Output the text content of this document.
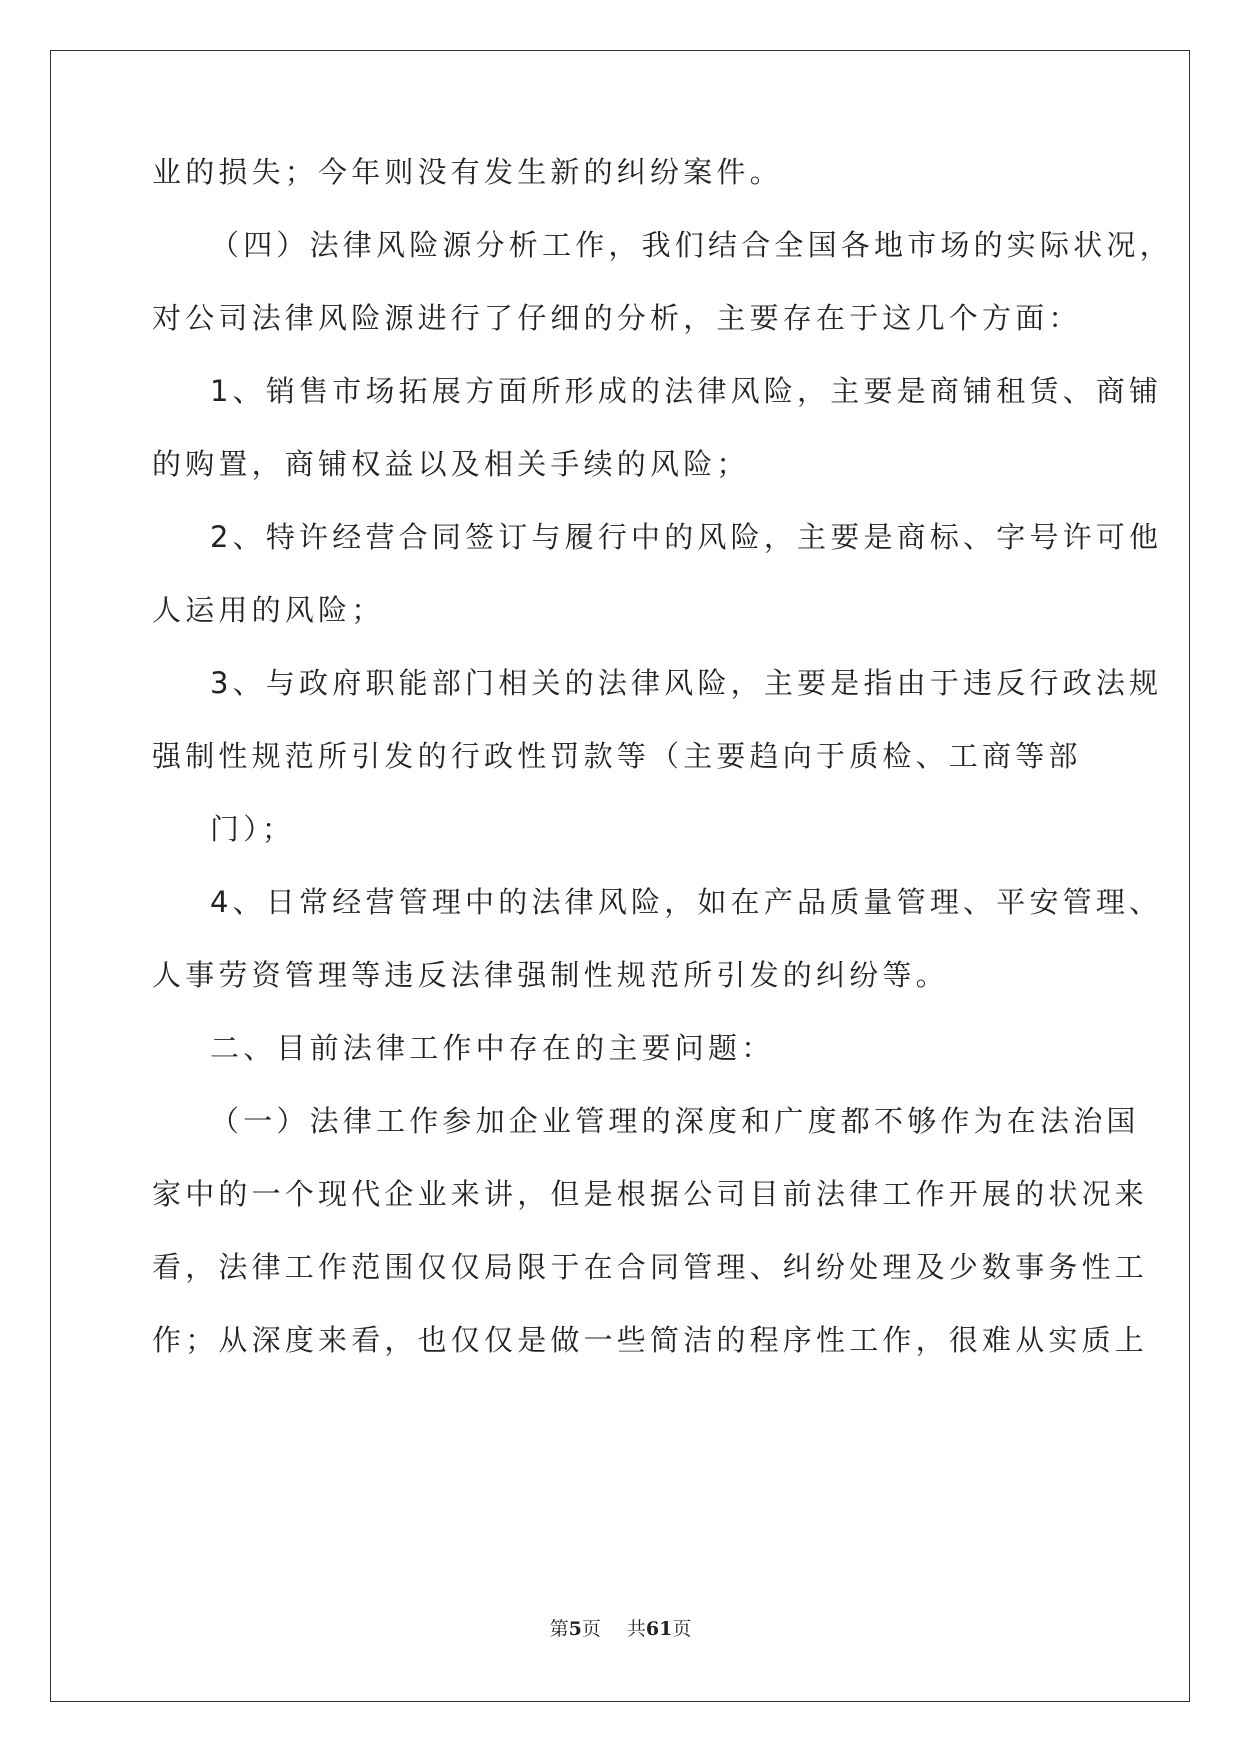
业的损失；今年则没有发生新的纠纷案件。
（四）法律风险源分析工作，我们结合全国各地市场的实际状况，
对公司法律风险源进行了仔细的分析，主要存在于这几个方面：
1、销售市场拓展方面所形成的法律风险，主要是商铺租赁、商铺
的购置，商铺权益以及相关手续的风险；
2、特许经营合同签订与履行中的风险，主要是商标、字号许可他
人运用的风险；
3、与政府职能部门相关的法律风险，主要是指由于违反行政法规
强制性规范所引发的行政性罚款等（主要趋向于质检、工商等部
门）；
4、日常经营管理中的法律风险，如在产品质量管理、平安管理、
人事劳资管理等违反法律强制性规范所引发的纠纷等。
二、目前法律工作中存在的主要问题：
（一）法律工作参加企业管理的深度和广度都不够作为在法治国
家中的一个现代企业来讲，但是根据公司目前法律工作开展的状况来
看，法律工作范围仅仅局限于在合同管理、纠纷处理及少数事务性工
作；从深度来看，也仅仅是做一些简洁的程序性工作，很难从实质上
第5页 共61页
